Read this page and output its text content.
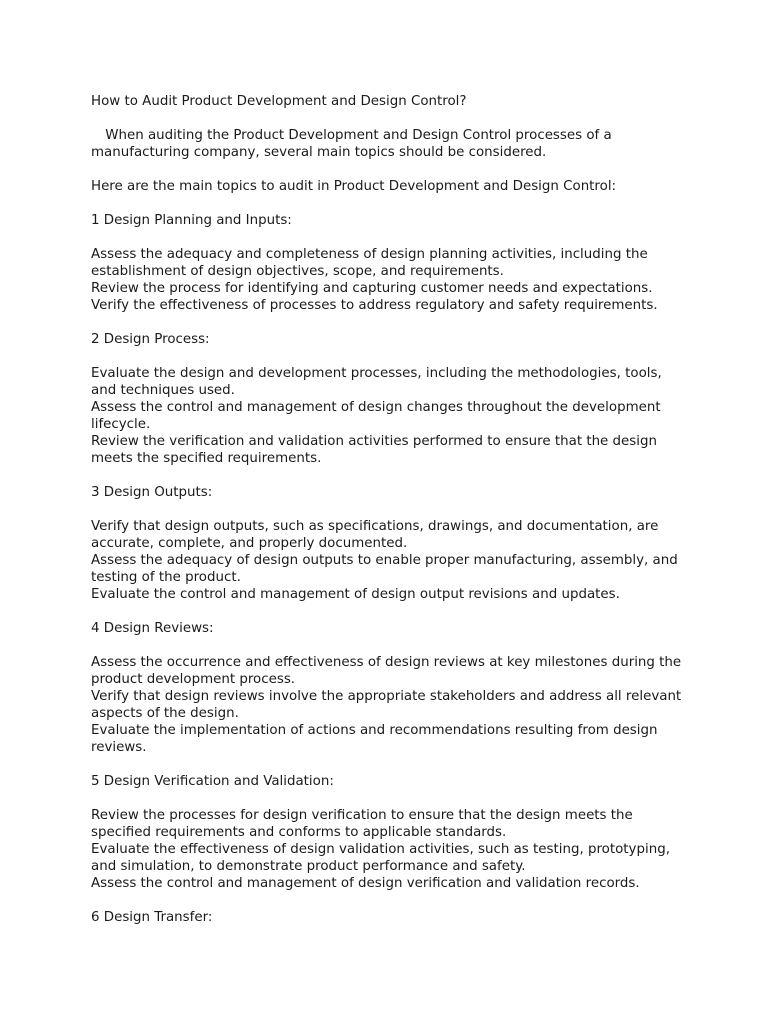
How to Audit Product Development and Design Control?
When auditing the Product Development and Design Control processes of a
manufacturing company, several main topics should be considered.
Here are the main topics to audit in Product Development and Design Control:
1 Design Planning and Inputs:
Assess the adequacy and completeness of design planning activities, including the
establishment of design objectives, scope, and requirements.
Review the process for identifying and capturing customer needs and expectations.
Verify the effectiveness of processes to address regulatory and safety requirements.
2 Design Process:
Evaluate the design and development processes, including the methodologies, tools,
and techniques used.
Assess the control and management of design changes throughout the development
lifecycle.
Review the verification and validation activities performed to ensure that the design
meets the specified requirements.
3 Design Outputs:
Verify that design outputs, such as specifications, drawings, and documentation, are
accurate, complete, and properly documented.
Assess the adequacy of design outputs to enable proper manufacturing, assembly, and
testing of the product.
Evaluate the control and management of design output revisions and updates.
4 Design Reviews:
Assess the occurrence and effectiveness of design reviews at key milestones during the
product development process.
Verify that design reviews involve the appropriate stakeholders and address all relevant
aspects of the design.
Evaluate the implementation of actions and recommendations resulting from design
reviews.
5 Design Verification and Validation:
Review the processes for design verification to ensure that the design meets the
specified requirements and conforms to applicable standards.
Evaluate the effectiveness of design validation activities, such as testing, prototyping,
and simulation, to demonstrate product performance and safety.
Assess the control and management of design verification and validation records.
6 Design Transfer:
